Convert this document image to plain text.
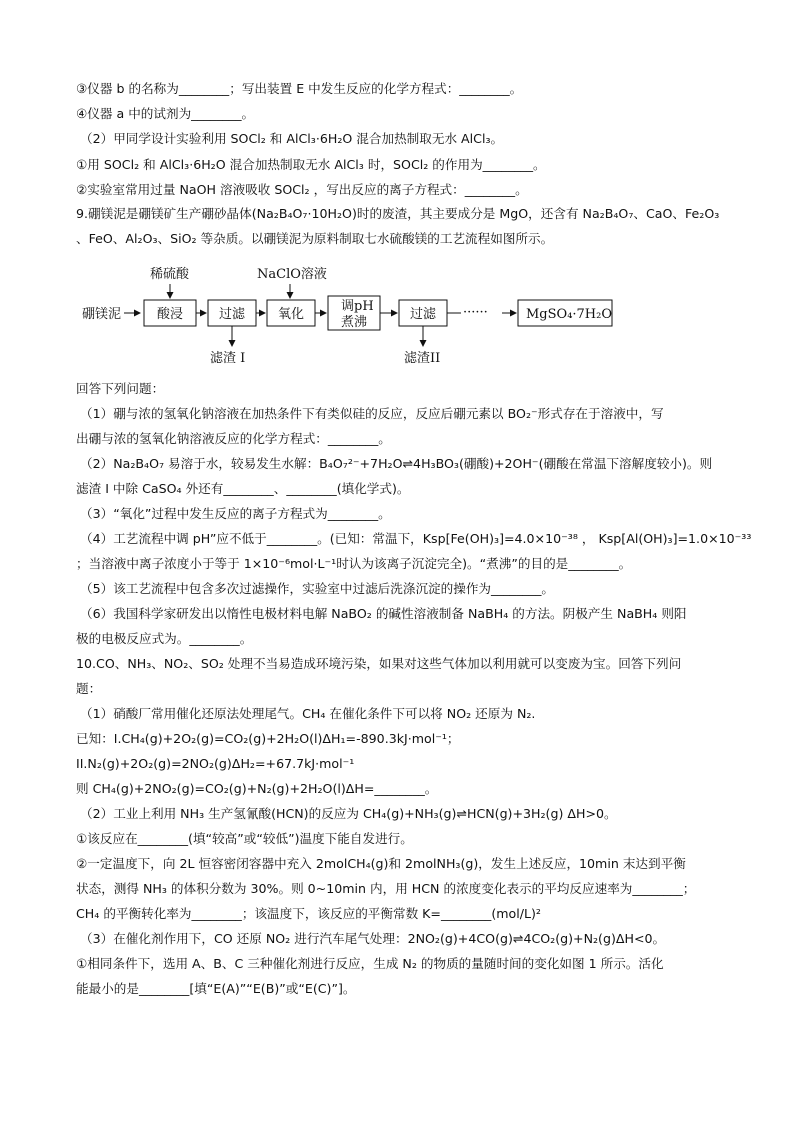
③仪器 b 的名称为________；写出装置 E 中发生反应的化学方程式：________。
④仪器 a 中的试剂为________。
（2）甲同学设计实验利用 SOCl₂ 和 AlCl₃·6H₂O 混合加热制取无水 AlCl₃。
①用 SOCl₂ 和 AlCl₃·6H₂O 混合加热制取无水 AlCl₃ 时，SOCl₂ 的作用为________。
②实验室常用过量 NaOH 溶液吸收 SOCl₂ ，写出反应的离子方程式：________。
9.硼镁泥是硼镁矿生产硼砂晶体(Na₂B₄O₇·10H₂O)时的废渣，其主要成分是 MgO，还含有 Na₂B₄O₇、CaO、Fe₂O₃
、FeO、Al₂O₃、SiO₂ 等杂质。以硼镁泥为原料制取七水硫酸镁的工艺流程如图所示。
硼镁泥
稀硫酸
酸浸	过滤
滤渣 I
NaClO溶液
氧化
调pH
煮沸
过滤
滤渣II
······	MgSO₄·7H₂O
回答下列问题：
（1）硼与浓的氢氧化钠溶液在加热条件下有类似硅的反应，反应后硼元素以 BO₂⁻形式存在于溶液中，写
出硼与浓的氢氧化钠溶液反应的化学方程式：________。
（2）Na₂B₄O₇ 易溶于水，较易发生水解：B₄O₇²⁻+7H₂O⇌4H₃BO₃(硼酸)+2OH⁻(硼酸在常温下溶解度较小)。则
滤渣 I 中除 CaSO₄ 外还有________、________(填化学式)。
（3）“氧化”过程中发生反应的离子方程式为________。
（4）工艺流程中调 pH”应不低于________。(已知：常温下，Ksp[Fe(OH)₃]=4.0×10⁻³⁸ ， Ksp[Al(OH)₃]=1.0×10⁻³³
；当溶液中离子浓度小于等于 1×10⁻⁶mol·L⁻¹时认为该离子沉淀完全)。“煮沸”的目的是________。
（5）该工艺流程中包含多次过滤操作，实验室中过滤后洗涤沉淀的操作为________。
（6）我国科学家研发出以惰性电极材料电解 NaBO₂ 的碱性溶液制备 NaBH₄ 的方法。阴极产生 NaBH₄ 则阳
极的电极反应式为。________。
10.CO、NH₃、NO₂、SO₂ 处理不当易造成环境污染，如果对这些气体加以利用就可以变废为宝。回答下列问
题：
（1）硝酸厂常用催化还原法处理尾气。CH₄ 在催化条件下可以将 NO₂ 还原为 N₂.
已知：I.CH₄(g)+2O₂(g)=CO₂(g)+2H₂O(l)ΔH₁=-890.3kJ·mol⁻¹；
II.N₂(g)+2O₂(g)=2NO₂(g)ΔH₂=+67.7kJ·mol⁻¹
则 CH₄(g)+2NO₂(g)=CO₂(g)+N₂(g)+2H₂O(l)ΔH=________。
（2）工业上利用 NH₃ 生产氢氰酸(HCN)的反应为 CH₄(g)+NH₃(g)⇌HCN(g)+3H₂(g) ΔH>0。
①该反应在________(填“较高”或“较低”)温度下能自发进行。
②一定温度下，向 2L 恒容密闭容器中充入 2molCH₄(g)和 2molNH₃(g)，发生上述反应，10min 末达到平衡
状态，测得 NH₃ 的体积分数为 30%。则 0~10min 内，用 HCN 的浓度变化表示的平均反应速率为________；
CH₄ 的平衡转化率为________；该温度下，该反应的平衡常数 K=________(mol/L)²
（3）在催化剂作用下，CO 还原 NO₂ 进行汽车尾气处理：2NO₂(g)+4CO(g)⇌4CO₂(g)+N₂(g)ΔH<0。
①相同条件下，选用 A、B、C 三种催化剂进行反应，生成 N₂ 的物质的量随时间的变化如图 1 所示。活化
能最小的是________[填“E(A)”“E(B)”或“E(C)”]。
